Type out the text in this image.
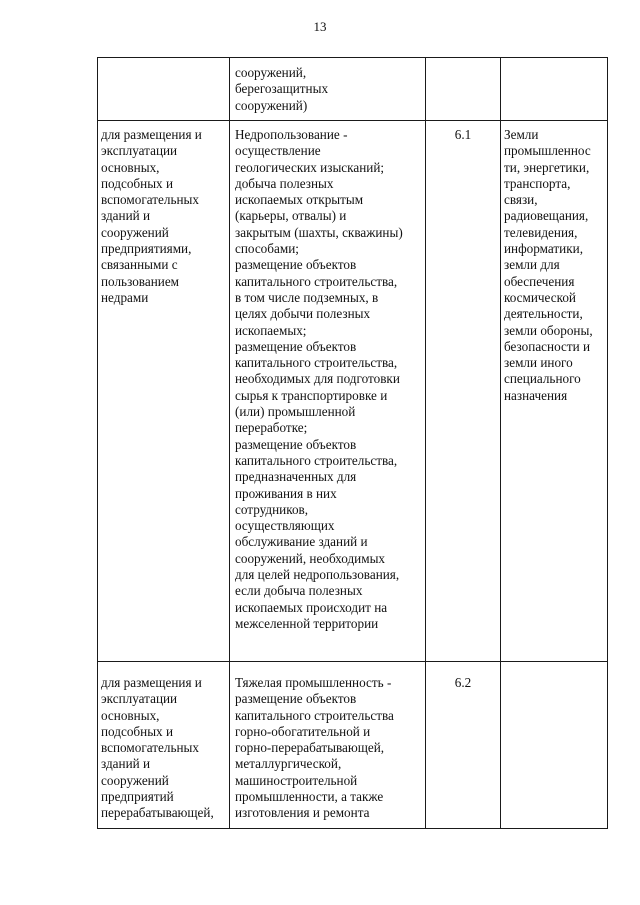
13
сооружений,
берегозащитных
сооружений)
для размещения и
эксплуатации
основных,
подсобных и
вспомогательных
зданий и
сооружений
предприятиями,
связанными с
пользованием
недрами
Недропользование -
осуществление
геологических изысканий;
добыча полезных
ископаемых открытым
(карьеры, отвалы) и
закрытым (шахты, скважины)
способами;
размещение объектов
капитального строительства,
в том числе подземных, в
целях добычи полезных
ископаемых;
размещение объектов
капитального строительства,
необходимых для подготовки
сырья к транспортировке и
(или) промышленной
переработке;
размещение объектов
капитального строительства,
предназначенных для
проживания в них
сотрудников,
осуществляющих
обслуживание зданий и
сооружений, необходимых
для целей недропользования,
если добыча полезных
ископаемых происходит на
межселенной территории
6.1	Земли
промышленнос
ти, энергетики,
транспорта,
связи,
радиовещания,
телевидения,
информатики,
земли для
обеспечения
космической
деятельности,
земли обороны,
безопасности и
земли иного
специального
назначения
для размещения и
эксплуатации
основных,
подсобных и
вспомогательных
зданий и
сооружений
предприятий
перерабатывающей,
Тяжелая промышленность -
размещение объектов
капитального строительства
горно-обогатительной и
горно-перерабатывающей,
металлургической,
машиностроительной
промышленности, а также
изготовления и ремонта
6.2
